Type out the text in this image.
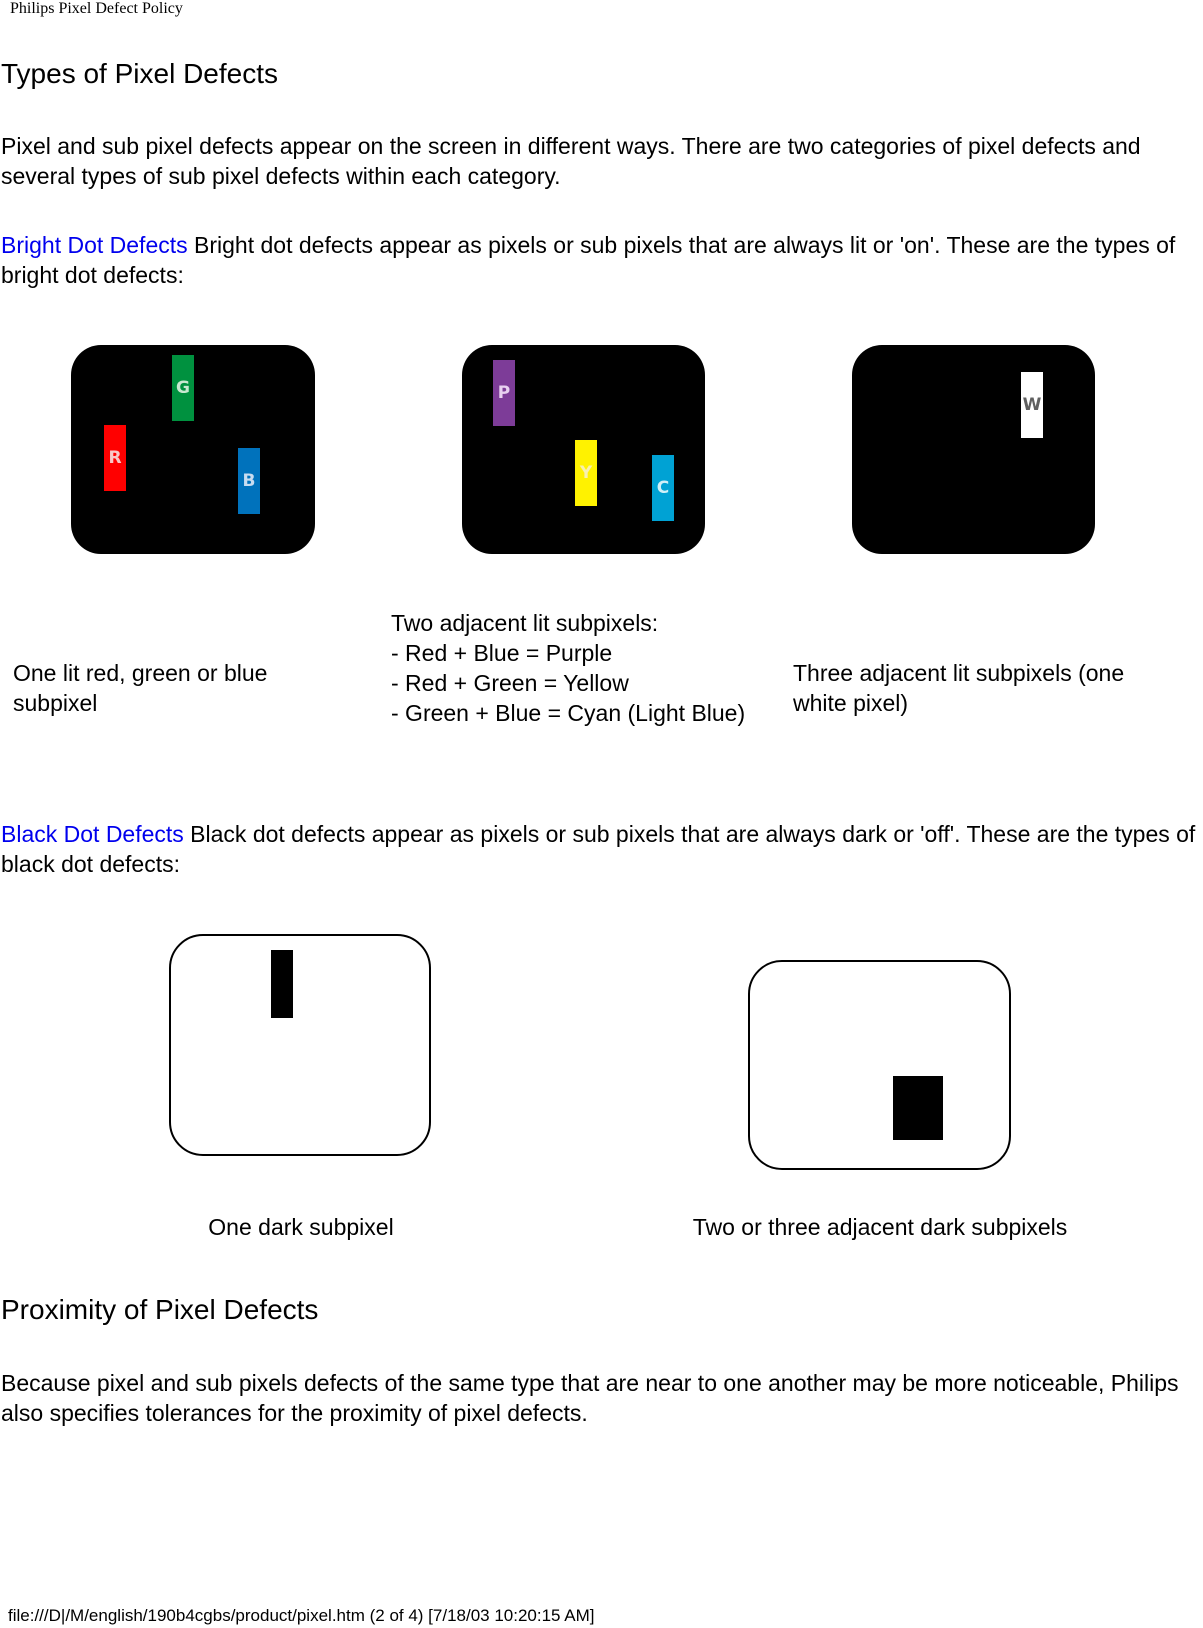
Philips Pixel Defect Policy
Types of Pixel Defects
Pixel and sub pixel defects appear on the screen in different ways. There are two categories of pixel defects and several types of sub pixel defects within each category.
Bright Dot Defects Bright dot defects appear as pixels or sub pixels that are always lit or 'on'. These are the types of bright dot defects:
R
G
B
P
Y
C
W
One lit red, green or blue
subpixel
Two adjacent lit subpixels:
- Red + Blue = Purple
- Red + Green = Yellow
- Green + Blue = Cyan (Light Blue)
Three adjacent lit subpixels (one
white pixel)
Black Dot Defects Black dot defects appear as pixels or sub pixels that are always dark or 'off'. These are the types of black dot defects:
One dark subpixel	Two or three adjacent dark subpixels
Proximity of Pixel Defects
Because pixel and sub pixels defects of the same type that are near to one another may be more noticeable, Philips also specifies tolerances for the proximity of pixel defects.
file:///D|/M/english/190b4cgbs/product/pixel.htm (2 of 4) [7/18/03 10:20:15 AM]
